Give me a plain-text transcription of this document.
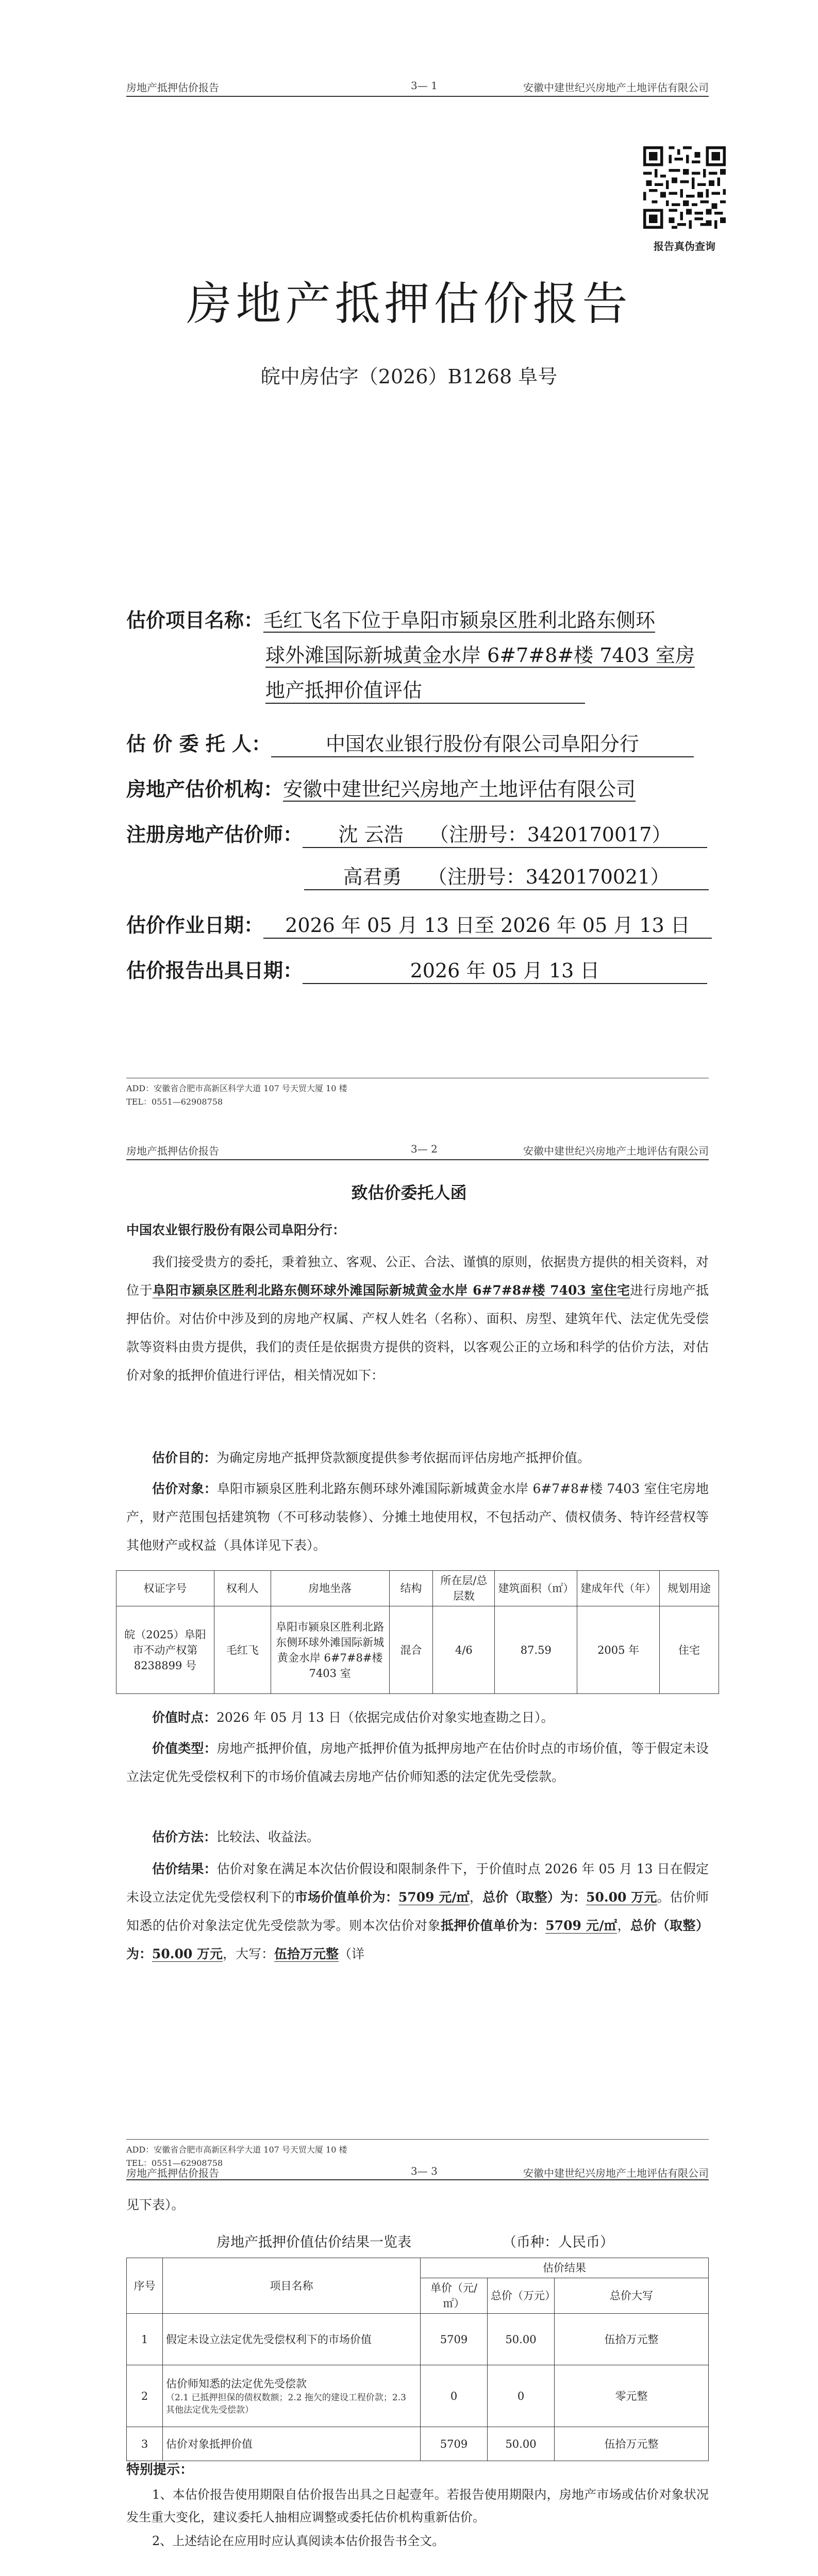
房地产抵押估价报告	3— 1	安徽中建世纪兴房地产土地评估有限公司
报告真伪查询
房地产抵押估价报告
皖中房估字（2026）B1268 阜号
估价项目名称：毛红飞名下位于阜阳市颍泉区胜利北路东侧环
球外滩国际新城黄金水岸 6#7#8#楼 7403 室房
地产抵押价值评估
估 价 委 托 人：	中国农业银行股份有限公司阜阳分行
房地产估价机构：安徽中建世纪兴房地产土地评估有限公司
注册房地产估价师： 沈 云浩　 （注册号：3420170017）
高君勇　 （注册号：3420170021）
估价作业日期： 2026 年 05 月 13 日至 2026 年 05 月 13 日
估价报告出具日期：	2026 年 05 月 13 日
ADD：安徽省合肥市高新区科学大道 107 号天贸大厦 10 楼
TEL：0551—62908758
房地产抵押估价报告	3— 2	安徽中建世纪兴房地产土地评估有限公司
致估价委托人函
中国农业银行股份有限公司阜阳分行：
我们接受贵方的委托，秉着独立、客观、公正、合法、谨慎的原则，依据贵方提供的相关资料，对位于阜阳市颍泉区胜利北路东侧环球外滩国际新城黄金水岸 6#7#8#楼 7403 室住宅进行房地产抵押估价。对估价中涉及到的房地产权属、产权人姓名（名称）、面积、房型、建筑年代、法定优先受偿款等资料由贵方提供，我们的责任是依据贵方提供的资料，以客观公正的立场和科学的估价方法，对估价对象的抵押价值进行评估，相关情况如下：
估价目的：为确定房地产抵押贷款额度提供参考依据而评估房地产抵押价值。
估价对象：阜阳市颍泉区胜利北路东侧环球外滩国际新城黄金水岸 6#7#8#楼 7403 室住宅房地产，财产范围包括建筑物（不可移动装修）、分摊土地使用权，不包括动产、债权债务、特许经营权等其他财产或权益（具体详见下表）。
权证字号	权利人	房地坐落	结构	所在层/总层数	建筑面积（㎡）	建成年代（年）	规划用途
皖（2025）阜阳市不动产权第 8238899 号	毛红飞	阜阳市颍泉区胜利北路东侧环球外滩国际新城黄金水岸 6#7#8#楼 7403 室	混合	4/6	87.59	2005 年	住宅
价值时点：2026 年 05 月 13 日（依据完成估价对象实地查勘之日）。
价值类型：房地产抵押价值，房地产抵押价值为抵押房地产在估价时点的市场价值，等于假定未设立法定优先受偿权利下的市场价值减去房地产估价师知悉的法定优先受偿款。
估价方法：比较法、收益法。
估价结果：估价对象在满足本次估价假设和限制条件下，于价值时点 2026 年 05 月 13 日在假定未设立法定优先受偿权利下的市场价值单价为：5709 元/㎡，总价（取整）为：50.00 万元。估价师知悉的估价对象法定优先受偿款为零。则本次估价对象抵押价值单价为：5709 元/㎡，总价（取整）为：50.00 万元，大写：伍拾万元整（详
ADD：安徽省合肥市高新区科学大道 107 号天贸大厦 10 楼
TEL：0551—62908758
房地产抵押估价报告	3— 3	安徽中建世纪兴房地产土地评估有限公司
见下表）。
房地产抵押价值估价结果一览表	（币种：人民币）
序号	项目名称	估价结果		
		单价（元/㎡）	总价（万元）	总价大写
1	假定未设立法定优先受偿权利下的市场价值	5709	50.00	伍拾万元整
2	估价师知悉的法定优先受偿款
（2.1 已抵押担保的债权数额；2.2 拖欠的建设工程价款；2.3 其他法定优先受偿款）	0	0	零元整
3	估价对象抵押价值	5709	50.00	伍拾万元整
特别提示：
1、本估价报告使用期限自估价报告出具之日起壹年。若报告使用期限内，房地产市场或估价对象状况发生重大变化，建议委托人抽相应调整或委托估价机构重新估价。
2、上述结论在应用时应认真阅读本估价报告书全文。
